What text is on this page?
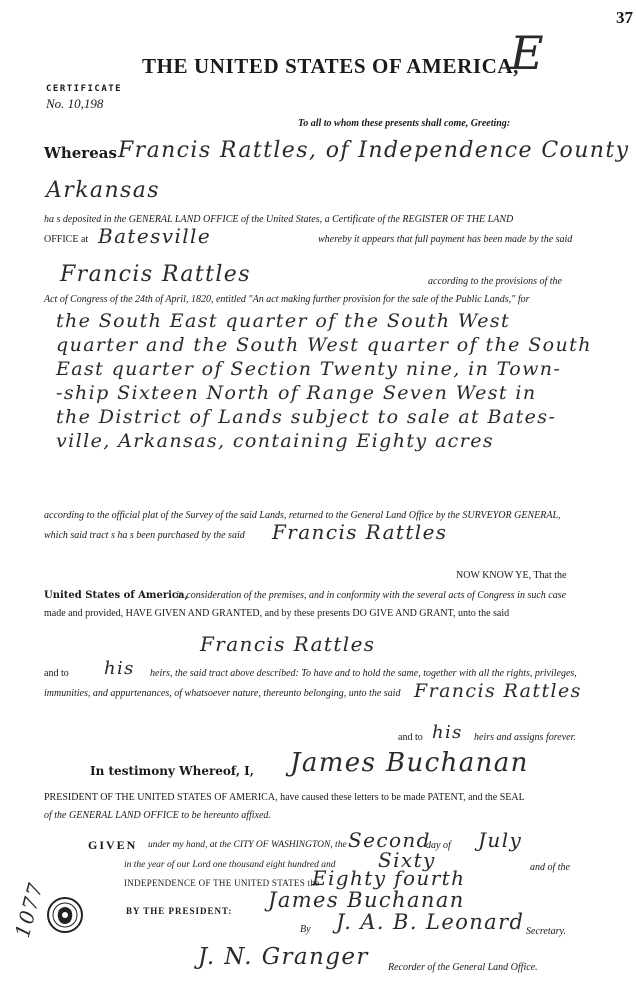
37
E
THE UNITED STATES OF AMERICA,
CERTIFICATE
No. 10,198
To all to whom these presents shall come, Greeting:
Whereas Francis Rattles, of Independence County
Arkansas
ha s deposited in the GENERAL LAND OFFICE of the United States, a Certificate of the REGISTER OF THE LAND
OFFICE at Batesville	whereby it appears that full payment has been made by the said
Francis Rattles	according to the provisions of the
Act of Congress of the 24th of April, 1820, entitled "An act making further provision for the sale of the Public Lands," for
the South East quarter of the South West
quarter and the South West quarter of the South
East quarter of Section Twenty nine, in Town-
-ship Sixteen North of Range Seven West in
the District of Lands subject to sale at Bates-
ville, Arkansas, containing Eighty acres
according to the official plat of the Survey of the said Lands, returned to the General Land Office by the SURVEYOR GENERAL,
which said tract s ha s been purchased by the said Francis Rattles
NOW KNOW YE, That the
United States of America,
in consideration of the premises, and in conformity with the several acts of Congress in such case
made and provided, HAVE GIVEN AND GRANTED, and by these presents DO GIVE AND GRANT, unto the said
Francis Rattles
and to his heirs, the said tract above described: To have and to hold the same, together with all the rights, privileges,
immunities, and appurtenances, of whatsoever nature, thereunto belonging, unto the said Francis Rattles
and to his heirs and assigns forever.
In testimony Whereof, I, James Buchanan
PRESIDENT OF THE UNITED STATES OF AMERICA, have caused these letters to be made PATENT, and the SEAL
of the GENERAL LAND OFFICE to be hereunto affixed.
GIVEN under my hand, at the CITY OF WASHINGTON, the Second
day of July
in the year of our Lord one thousand eight hundred and Sixty	and of the
INDEPENDENCE OF THE UNITED STATES the
Eighty fourth
BY THE PRESIDENT: James Buchanan
By J. A. B. Leonard Secretary.
J. N. Granger Recorder of the General Land Office.
1077
